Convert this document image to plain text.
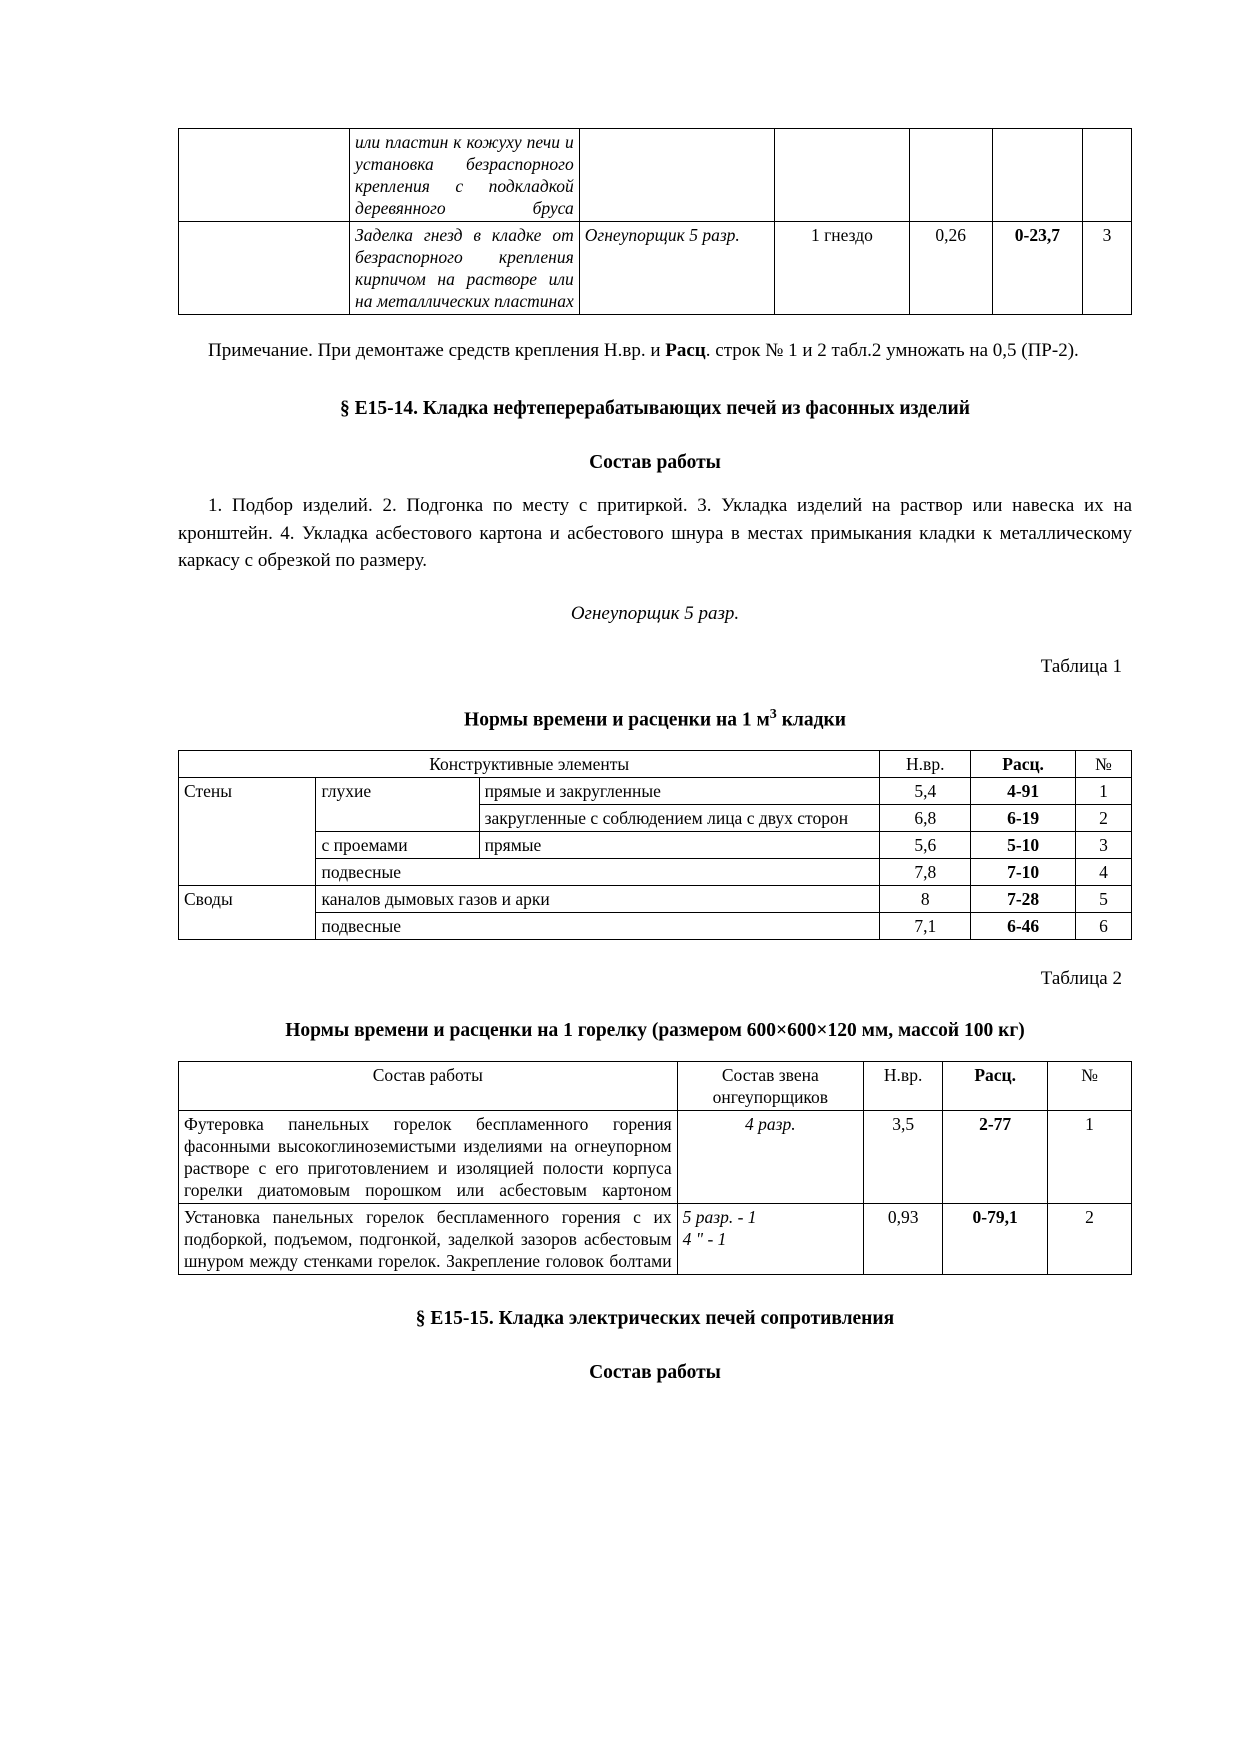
	или пластин к кожуху печи и установка безраспорного крепления с подкладкой деревянного бруса					
	Заделка гнезд в кладке от безраспорного крепления кирпичом на растворе или на металлических пластинах	Огнеупорщик 5 разр.	1 гнездо	0,26	0-23,7	3

Примечание. При демонтаже средств крепления Н.вр. и Расц. строк № 1 и 2 табл.2 умножать на 0,5 (ПР-2).

§ Е15-14. Кладка нефтеперерабатывающих печей из фасонных изделий

Состав работы

1. Подбор изделий. 2. Подгонка по месту с притиркой. 3. Укладка изделий на раствор или навеска их на кронштейн. 4. Укладка асбестового картона и асбестового шнура в местах примыкания кладки к металлическому каркасу с обрезкой по размеру.

Огнеупорщик 5 разр.

Таблица 1

Нормы времени и расценки на 1 $м^3$ кладки

Конструктивные элементы			Н.вр.	Расц.	№
Стены	глухие	прямые и закругленные	5,4	4-91	1
		закругленные с соблюдением лица с двух сторон	6,8	6-19	2
	с проемами	прямые	5,6	5-10	3
	подвесные		7,8	7-10	4
Своды	каналов дымовых газов и арки		8	7-28	5
	подвесные		7,1	6-46	6

Таблица 2

Нормы времени и расценки на 1 горелку (размером 600×600×120 мм, массой 100 кг)

Состав работы	Состав звена онгеупорщиков	Н.вр.	Расц.	№
Футеровка панельных горелок беспламенного горения фасонными высокоглиноземистыми изделиями на огнеупорном растворе с его приготовлением и изоляцией полости корпуса горелки диатомовым порошком или асбестовым картоном	4 разр.	3,5	2-77	1
Установка панельных горелок беспламенного горения с их подборкой, подъемом, подгонкой, заделкой зазоров асбестовым шнуром между стенками горелок. Закрепление головок болтами	5 разр. - 1
4 " - 1	0,93	0-79,1	2

§ Е15-15. Кладка электрических печей сопротивления

Состав работы
